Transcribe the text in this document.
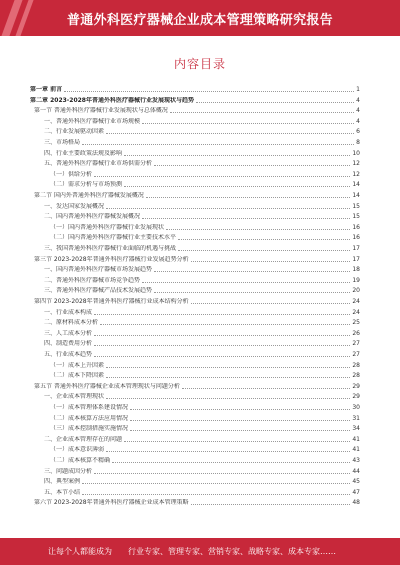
普通外科医疗器械企业成本管理策略研究报告
内容目录
第一章 前言	1
第二章 2023-2028年普通外科医疗器械行业发展现状与趋势	4
第一节 普通外科医疗器械行业发展现状与总体概况	4
一、普通外科医疗器械行业市场规模	4
二、行业发展驱动因素	6
三、市场格局	8
四、行业主要政策法规及影响	10
五、普通外科医疗器械行业市场供需分析	12
（一）供给分析	12
（二）需求分析与市场预测	14
第二节 国内外普通外科医疗器械发展概况	14
一、发达国家发展概况	15
二、国内普通外科医疗器械发展概况	15
（一）国内普通外科医疗器械行业发展现状	16
（二）国内普通外科医疗器械行业主要技术水平	16
三、我国普通外科医疗器械行业面临的机遇与挑战	17
第三节 2023-2028年普通外科医疗器械行业发展趋势分析	17
一、国内普通外科医疗器械市场发展趋势	18
二、普通外科医疗器械市场竞争趋势	19
三、普通外科医疗器械产品技术发展趋势	20
第四节 2023-2028年普通外科医疗器械行业成本结构分析	24
一、行业成本构成	24
二、原材料成本分析	25
三、人工成本分析	26
四、制造费用分析	27
五、行业成本趋势	27
（一）成本上升因素	28
（二）成本下降因素	28
第五节 普通外科医疗器械企业成本管理现状与问题分析	29
一、企业成本管理现状	29
（一）成本管理体系建设情况	30
（二）成本核算方法应用情况	31
（三）成本控制措施实施情况	34
二、企业成本管理存在的问题	41
（一）成本意识薄弱	41
（二）成本核算不精确	43
三、问题成因分析	44
四、典型案例	45
五、本节小结	47
第六节 2023-2028年普通外科医疗器械企业成本管理策略	48
让每个人都能成为 行业专家、管理专家、营销专家、战略专家、成本专家……
